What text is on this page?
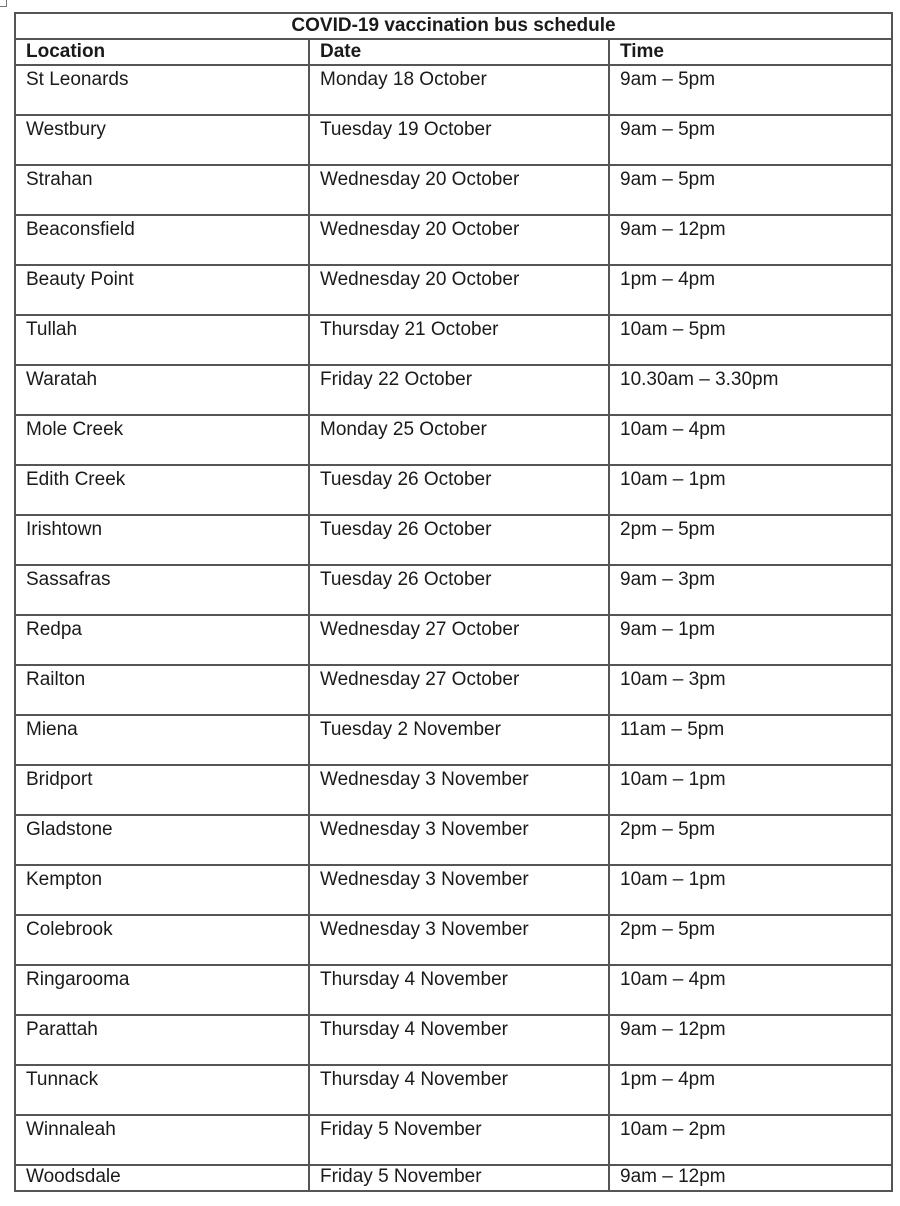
COVID-19 vaccination bus schedule		
Location	Date	Time
St Leonards	Monday 18 October	9am – 5pm
Westbury	Tuesday 19 October	9am – 5pm
Strahan	Wednesday 20 October	9am – 5pm
Beaconsfield	Wednesday 20 October	9am – 12pm
Beauty Point	Wednesday 20 October	1pm – 4pm
Tullah	Thursday 21 October	10am – 5pm
Waratah	Friday 22 October	10.30am – 3.30pm
Mole Creek	Monday 25 October	10am – 4pm
Edith Creek	Tuesday 26 October	10am – 1pm
Irishtown	Tuesday 26 October	2pm – 5pm
Sassafras	Tuesday 26 October	9am – 3pm
Redpa	Wednesday 27 October	9am – 1pm
Railton	Wednesday 27 October	10am – 3pm
Miena	Tuesday 2 November	11am – 5pm
Bridport	Wednesday 3 November	10am – 1pm
Gladstone	Wednesday 3 November	2pm – 5pm
Kempton	Wednesday 3 November	10am – 1pm
Colebrook	Wednesday 3 November	2pm – 5pm
Ringarooma	Thursday 4 November	10am – 4pm
Parattah	Thursday 4 November	9am – 12pm
Tunnack	Thursday 4 November	1pm – 4pm
Winnaleah	Friday 5 November	10am – 2pm
Woodsdale	Friday 5 November	9am – 12pm
